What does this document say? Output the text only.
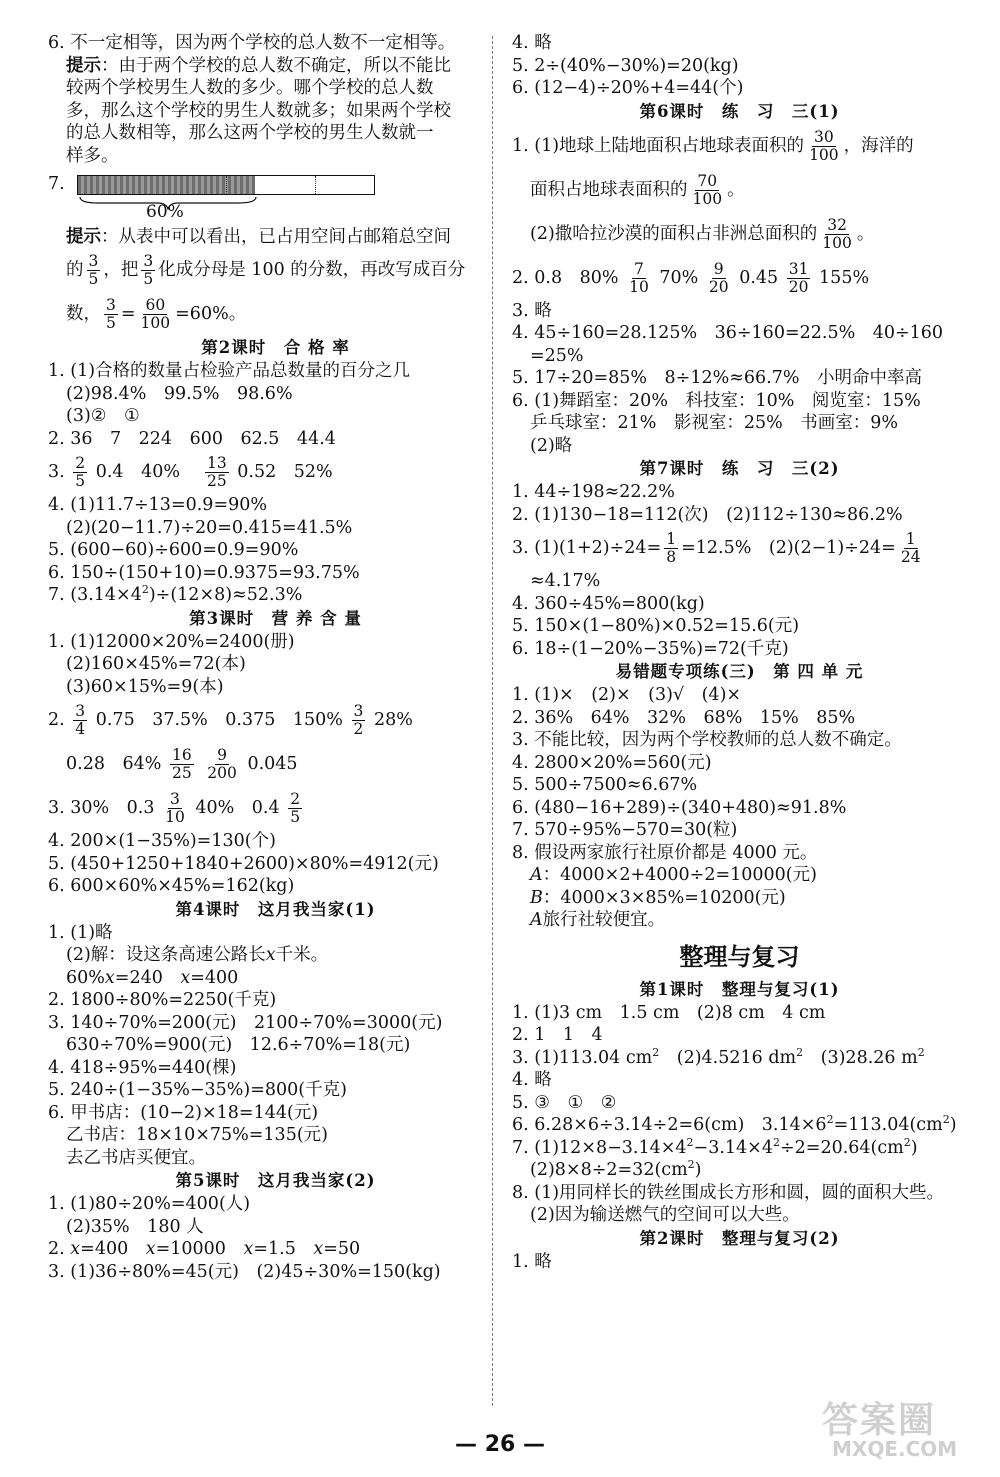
6. 不一定相等，因为两个学校的总人数不一定相等。
提示：由于两个学校的总人数不确定，所以不能比
较两个学校男生人数的多少。哪个学校的总人数
多，那么这个学校的男生人数就多；如果两个学校
的总人数相等，那么这两个学校的男生人数就一
样多。
7.
60%
提示：从表中可以看出，已占用空间占邮箱总空间
的 $\frac{3}{5}$ ，把 $\frac{3}{5}$ 化成分母是 100 的分数，再改写成百分
数， $\frac{3}{5} = \frac{60}{100} =60\%$。
第2课时　合 格 率
1. (1)合格的数量占检验产品总数量的百分之几
(2)98.4%　99.5%　98.6%
(3)②　①
2. 36　7　224　600　62.5　44.4
3. $\frac{2}{5} 0.4$　$40\% \frac{13}{25} 0.52$　52%
4. (1)11.7÷13=0.9=90%
(2)(20−11.7)÷20=0.415=41.5%
5. (600−60)÷600=0.9=90%
6. 150÷(150+10)=0.9375=93.75%
7. $(3.14\times 4^2)\div(12\times 8)\approx 52.3\%$
第3课时　营 养 含 量
1. (1)12000×20%=2400(册)
(2)160×45%=72(本)
(3)60×15%=9(本)
2. $\frac{3}{4} 0.75$　37.5%　0.375　$150\% \frac{3}{2} 28\%$
0.28　$64\% \frac{16}{25}$
$\frac{9}{200} 0.045$
3. 30%　$0.3 \frac{3}{10} 40\%$　$0.4 \frac{2}{5}$
4. 200×(1−35%)=130(个)
5. (450+1250+1840+2600)×80%=4912(元)
6. 600×60%×45%=162(kg)
第4课时　这月我当家(1)
1. (1)略
(2)解：设这条高速公路长x千米。
60%x=240　x=400
2. 1800÷80%=2250(千克)
3. 140÷70%=200(元)　2100÷70%=3000(元)
630÷70%=900(元)　12.6÷70%=18(元)
4. 418÷95%=440(棵)
5. 240÷(1−35%−35%)=800(千克)
6. 甲书店：(10−2)×18=144(元)
乙书店：18×10×75%=135(元)
去乙书店买便宜。
第5课时　这月我当家(2)
1. (1)80÷20%=400(人)
(2)35%　180 人
2. x=400　x=10000　x=1.5　x=50
3. (1)36÷80%=45(元)　(2)45÷30%=150(kg)
4. 略
5. 2÷(40%−30%)=20(kg)
6. (12−4)÷20%+4=44(个)
第6课时　练　习　三(1)
1. (1)地球上陆地面积占地球表面积的 $\frac{30}{100}$ ，海洋的
面积占地球表面积的 $\frac{70}{100}$ 。
(2)撒哈拉沙漠的面积占非洲总面积的 $\frac{32}{100}$ 。
2. 0.8　$80\% \frac{7}{10} 70\% \frac{9}{20} 0.45 \frac{31}{20} 155\%$
3. 略
4. 45÷160=28.125%　36÷160=22.5%　40÷160
=25%
5. 17÷20=85%　8÷12%≈66.7%　小明命中率高
6. (1)舞蹈室：20%　科技室：10%　阅览室：15%
乒乓球室：21%　影视室：25%　书画室：9%
(2)略
第7课时　练　习　三(2)
1. 44÷198≈22.2%
2. (1)130−18=112(次)　(2)112÷130≈86.2%
3. $(1)(1+2)\div 24= \frac{1}{8} =12.5\%$　$(2)(2-1)\div 24= \frac{1}{24}$
≈4.17%
4. 360÷45%=800(kg)
5. 150×(1−80%)×0.52=15.6(元)
6. 18÷(1−20%−35%)=72(千克)
易错题专项练(三)　第 四 单 元
1. (1)×　(2)×　(3)√　(4)×
2. 36%　64%　32%　68%　15%　85%
3. 不能比较，因为两个学校教师的总人数不确定。
4. 2800×20%=560(元)
5. 500÷7500≈6.67%
6. (480−16+289)÷(340+480)≈91.8%
7. 570÷95%−570=30(粒)
8. 假设两家旅行社原价都是 4000 元。
A：4000×2+4000÷2=10000(元)
B：4000×3×85%=10200(元)
A旅行社较便宜。
整理与复习
第1课时　整理与复习(1)
1. (1)3 cm　1.5 cm　(2)8 cm　4 cm
2. 1　1　4
3. (1)113.04 $cm^2$　(2)4.5216 $dm^2$　(3)28.26 $m^2$
4. 略
5. ③　①　②
6. 6.28×6÷3.14÷2=6(cm)　$3.14\times 6^2=113.04(cm^2)$
7. $(1)12\times 8-3.14\times 4^2-3.14\times 4^2\div 2=20.64(cm^2)$
$(2)8\times 8\div 2=32(cm^2)$
8. (1)用同样长的铁丝围成长方形和圆，圆的面积大些。
(2)因为输送燃气的空间可以大些。
第2课时　整理与复习(2)
1. 略
— 26 —
答案圈
MXQE.COM
